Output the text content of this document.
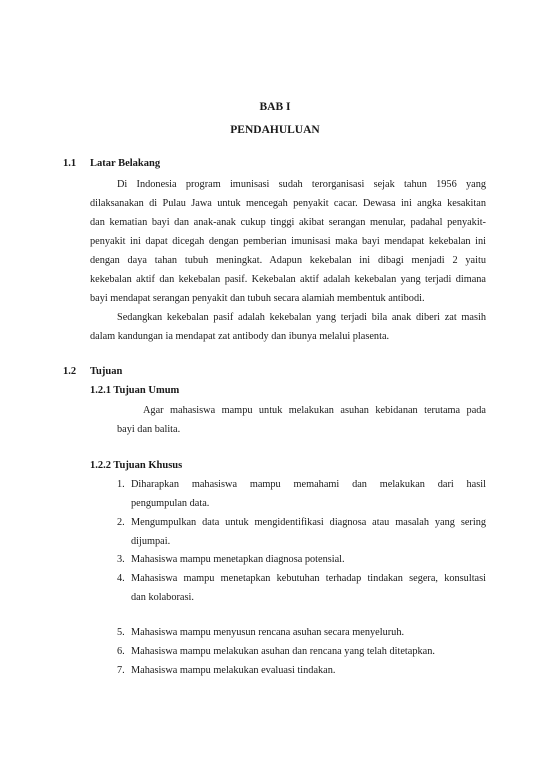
BAB I
PENDAHULUAN
1.1 Latar Belakang
Di Indonesia program imunisasi sudah terorganisasi sejak tahun 1956 yang
dilaksanakan di Pulau Jawa untuk mencegah penyakit cacar. Dewasa ini angka kesakitan
dan kematian bayi dan anak-anak cukup tinggi akibat serangan menular, padahal penyakit-
penyakit ini dapat dicegah dengan pemberian imunisasi maka bayi mendapat kekebalan ini
dengan daya tahan tubuh meningkat. Adapun kekebalan ini dibagi menjadi 2 yaitu
kekebalan aktif dan kekebalan pasif. Kekebalan aktif adalah kekebalan yang terjadi dimana
bayi mendapat serangan penyakit dan tubuh secara alamiah membentuk antibodi.
Sedangkan kekebalan pasif adalah kekebalan yang terjadi bila anak diberi zat masih
dalam kandungan ia mendapat zat antibody dan ibunya melalui plasenta.
1.2 Tujuan
1.2.1 Tujuan Umum
Agar mahasiswa mampu untuk melakukan asuhan kebidanan terutama pada
bayi dan balita.
1.2.2 Tujuan Khusus
1. Diharapkan mahasiswa mampu memahami dan melakukan dari hasil
pengumpulan data.
2. Mengumpulkan data untuk mengidentifikasi diagnosa atau masalah yang sering
dijumpai.
3. Mahasiswa mampu menetapkan diagnosa potensial.
4. Mahasiswa mampu menetapkan kebutuhan terhadap tindakan segera, konsultasi
dan kolaborasi.
5. Mahasiswa mampu menyusun rencana asuhan secara menyeluruh.
6. Mahasiswa mampu melakukan asuhan dan rencana yang telah ditetapkan.
7. Mahasiswa mampu melakukan evaluasi tindakan.
